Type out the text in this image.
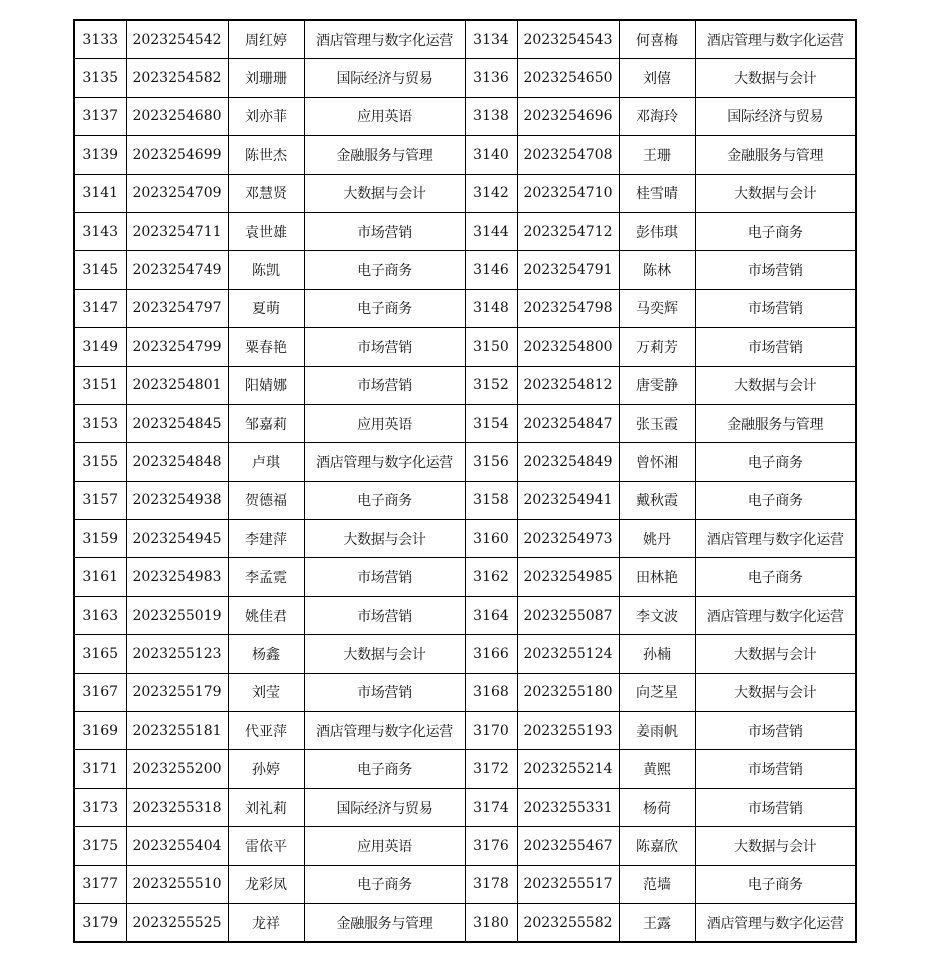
3133	2023254542	周红婷	酒店管理与数字化运营	3134	2023254543	何喜梅	酒店管理与数字化运营
3135	2023254582	刘珊珊	国际经济与贸易	3136	2023254650	刘僖	大数据与会计
3137	2023254680	刘亦菲	应用英语	3138	2023254696	邓海玲	国际经济与贸易
3139	2023254699	陈世杰	金融服务与管理	3140	2023254708	王珊	金融服务与管理
3141	2023254709	邓慧贤	大数据与会计	3142	2023254710	桂雪晴	大数据与会计
3143	2023254711	袁世雄	市场营销	3144	2023254712	彭伟琪	电子商务
3145	2023254749	陈凯	电子商务	3146	2023254791	陈林	市场营销
3147	2023254797	夏萌	电子商务	3148	2023254798	马奕辉	市场营销
3149	2023254799	粟春艳	市场营销	3150	2023254800	万莉芳	市场营销
3151	2023254801	阳婧娜	市场营销	3152	2023254812	唐雯静	大数据与会计
3153	2023254845	邹嘉莉	应用英语	3154	2023254847	张玉霞	金融服务与管理
3155	2023254848	卢琪	酒店管理与数字化运营	3156	2023254849	曾怀湘	电子商务
3157	2023254938	贺德福	电子商务	3158	2023254941	戴秋霞	电子商务
3159	2023254945	李建萍	大数据与会计	3160	2023254973	姚丹	酒店管理与数字化运营
3161	2023254983	李孟霓	市场营销	3162	2023254985	田林艳	电子商务
3163	2023255019	姚佳君	市场营销	3164	2023255087	李文波	酒店管理与数字化运营
3165	2023255123	杨鑫	大数据与会计	3166	2023255124	孙楠	大数据与会计
3167	2023255179	刘莹	市场营销	3168	2023255180	向芝星	大数据与会计
3169	2023255181	代亚萍	酒店管理与数字化运营	3170	2023255193	姜雨帆	市场营销
3171	2023255200	孙婷	电子商务	3172	2023255214	黄熙	市场营销
3173	2023255318	刘礼莉	国际经济与贸易	3174	2023255331	杨荷	市场营销
3175	2023255404	雷依平	应用英语	3176	2023255467	陈嘉欣	大数据与会计
3177	2023255510	龙彩凤	电子商务	3178	2023255517	范墙	电子商务
3179	2023255525	龙祥	金融服务与管理	3180	2023255582	王露	酒店管理与数字化运营
